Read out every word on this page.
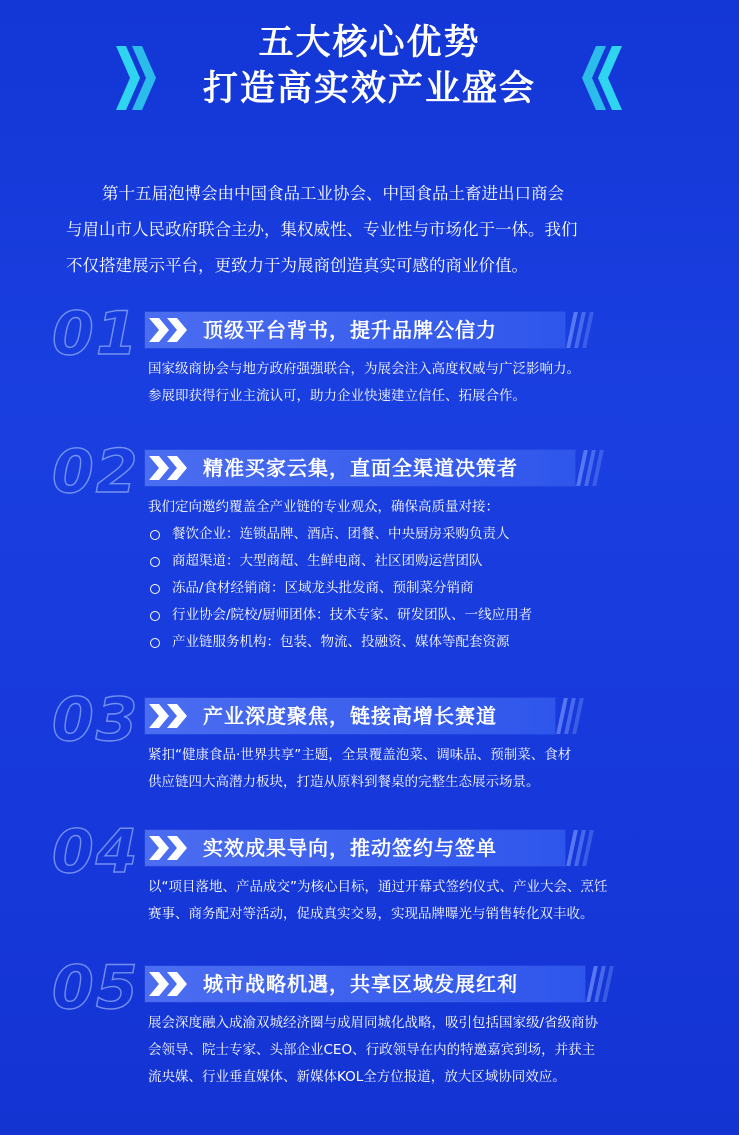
五大核心优势
打造高实效产业盛会
第十五届泡博会由中国食品工业协会、中国食品土畜进出口商会
与眉山市人民政府联合主办，集权威性、专业性与市场化于一体。我们
不仅搭建展示平台，更致力于为展商创造真实可感的商业价值。
01	顶级平台背书，提升品牌公信力
国家级商协会与地方政府强强联合，为展会注入高度权威与广泛影响力。
参展即获得行业主流认可，助力企业快速建立信任、拓展合作。
02	精准买家云集，直面全渠道决策者
我们定向邀约覆盖全产业链的专业观众，确保高质量对接：
餐饮企业：连锁品牌、酒店、团餐、中央厨房采购负责人
商超渠道：大型商超、生鲜电商、社区团购运营团队
冻品/食材经销商：区域龙头批发商、预制菜分销商
行业协会/院校/厨师团体：技术专家、研发团队、一线应用者
产业链服务机构：包装、物流、投融资、媒体等配套资源
03	产业深度聚焦，链接高增长赛道
紧扣“健康食品·世界共享”主题，全景覆盖泡菜、调味品、预制菜、食材
供应链四大高潜力板块，打造从原料到餐桌的完整生态展示场景。
04	实效成果导向，推动签约与签单
以“项目落地、产品成交”为核心目标，通过开幕式签约仪式、产业大会、烹饪
赛事、商务配对等活动，促成真实交易，实现品牌曝光与销售转化双丰收。
05	城市战略机遇，共享区域发展红利
展会深度融入成渝双城经济圈与成眉同城化战略，吸引包括国家级/省级商协
会领导、院士专家、头部企业CEO、行政领导在内的特邀嘉宾到场，并获主
流央媒、行业垂直媒体、新媒体KOL全方位报道，放大区域协同效应。
